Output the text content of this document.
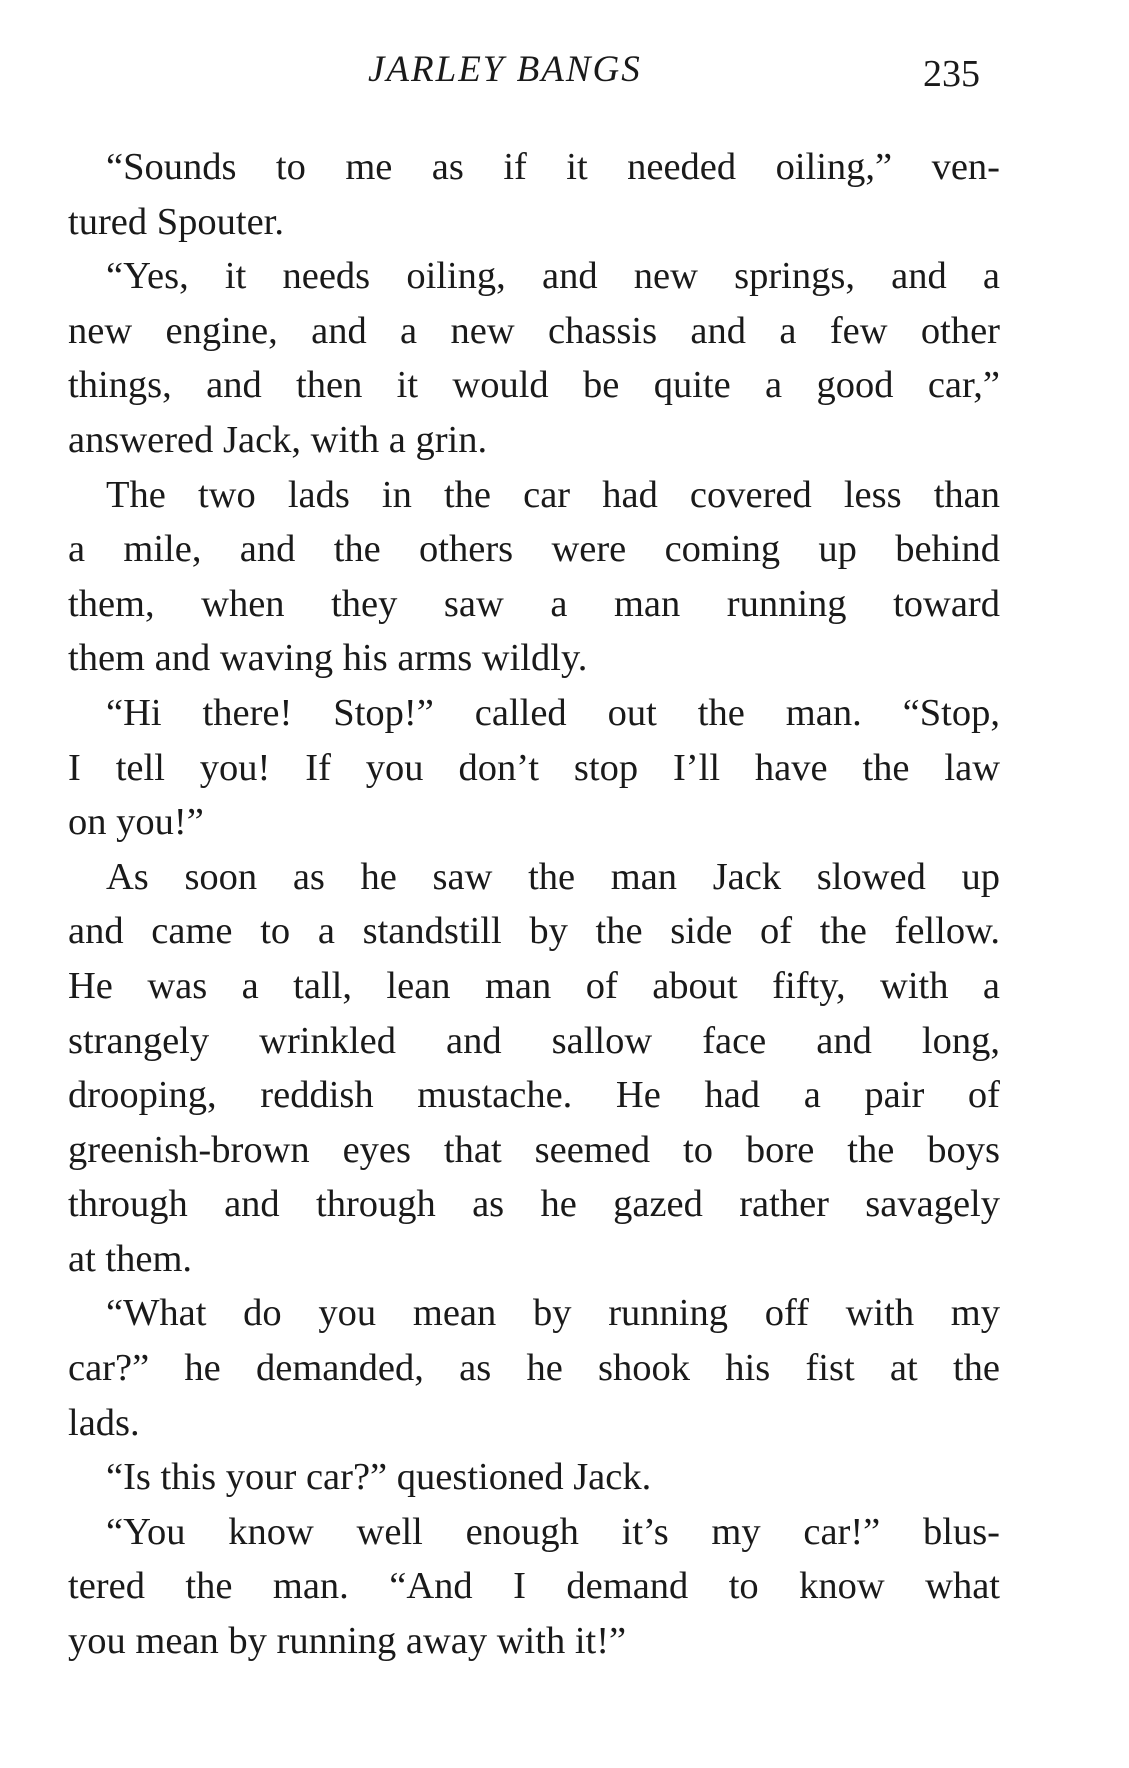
JARLEY BANGS	235
“Sounds to me as if it needed oiling,” ven-
tured Spouter.
“Yes, it needs oiling, and new springs, and a
new engine, and a new chassis and a few other
things, and then it would be quite a good car,”
answered Jack, with a grin.
The two lads in the car had covered less than
a mile, and the others were coming up behind
them, when they saw a man running toward
them and waving his arms wildly.
“Hi there! Stop!” called out the man. “Stop,
I tell you! If you don’t stop I’ll have the law
on you!”
As soon as he saw the man Jack slowed up
and came to a standstill by the side of the fellow.
He was a tall, lean man of about fifty, with a
strangely wrinkled and sallow face and long,
drooping, reddish mustache. He had a pair of
greenish-brown eyes that seemed to bore the boys
through and through as he gazed rather savagely
at them.
“What do you mean by running off with my
car?” he demanded, as he shook his fist at the
lads.
“Is this your car?” questioned Jack.
“You know well enough it’s my car!” blus-
tered the man. “And I demand to know what
you mean by running away with it!”
